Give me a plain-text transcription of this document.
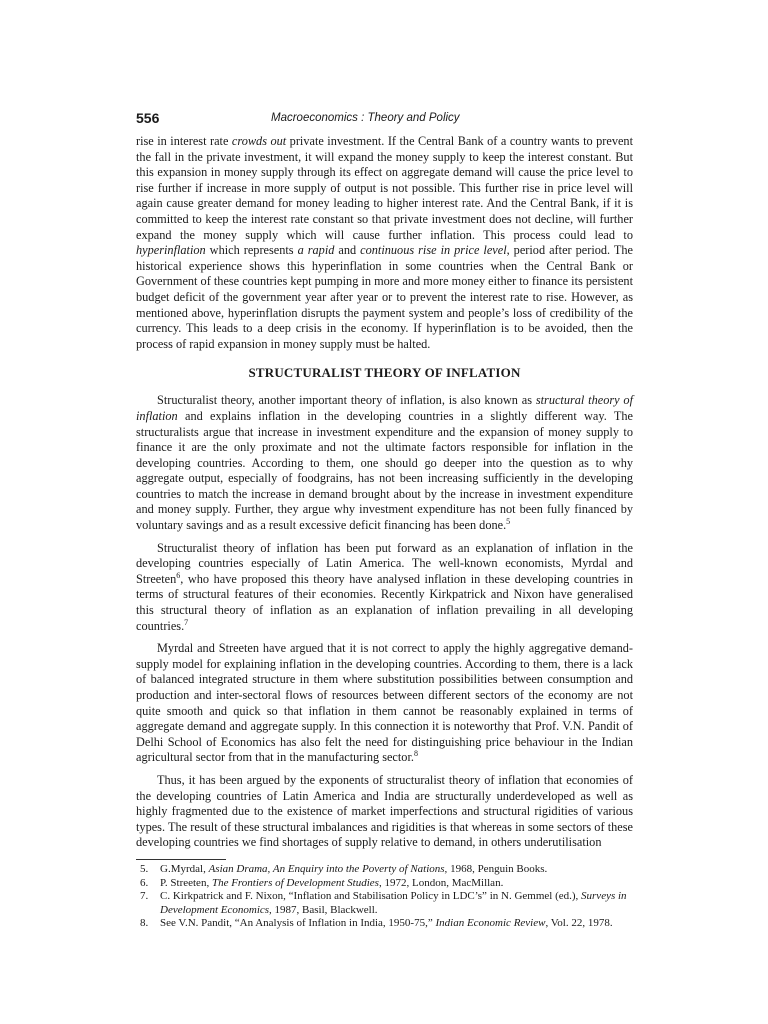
556	Macroeconomics : Theory and Policy

rise in interest rate crowds out private investment. If the Central Bank of a country wants to prevent the fall in the private investment, it will expand the money supply to keep the interest constant. But this expansion in money supply through its effect on aggregate demand will cause the price level to rise further if increase in more supply of output is not possible. This further rise in price level will again cause greater demand for money leading to higher interest rate. And the Central Bank, if it is committed to keep the interest rate constant so that private investment does not decline, will further expand the money supply which will cause further inflation. This process could lead to hyperinflation which represents a rapid and continuous rise in price level, period after period. The historical experience shows this hyperinflation in some countries when the Central Bank or Government of these countries kept pumping in more and more money either to finance its persistent budget deficit of the government year after year or to prevent the interest rate to rise. However, as mentioned above, hyperinflation disrupts the payment system and people’s loss of credibility of the currency. This leads to a deep crisis in the economy. If hyperinflation is to be avoided, then the process of rapid expansion in money supply must be halted.

STRUCTURALIST THEORY OF INFLATION

Structuralist theory, another important theory of inflation, is also known as structural theory of inflation and explains inflation in the developing countries in a slightly different way. The structuralists argue that increase in investment expenditure and the expansion of money supply to finance it are the only proximate and not the ultimate factors responsible for inflation in the developing countries. According to them, one should go deeper into the question as to why aggregate output, especially of foodgrains, has not been increasing sufficiently in the developing countries to match the increase in demand brought about by the increase in investment expenditure and money supply. Further, they argue why investment expenditure has not been fully financed by voluntary savings and as a result excessive deficit financing has been done.$^5$

Structuralist theory of inflation has been put forward as an explanation of inflation in the developing countries especially of Latin America. The well-known economists, Myrdal and Streeten$^6$, who have proposed this theory have analysed inflation in these developing countries in terms of structural features of their economies. Recently Kirkpatrick and Nixon have generalised this structural theory of inflation as an explanation of inflation prevailing in all developing countries.$^7$

Myrdal and Streeten have argued that it is not correct to apply the highly aggregative demand-supply model for explaining inflation in the developing countries. According to them, there is a lack of balanced integrated structure in them where substitution possibilities between consumption and production and inter-sectoral flows of resources between different sectors of the economy are not quite smooth and quick so that inflation in them cannot be reasonably explained in terms of aggregate demand and aggregate supply. In this connection it is noteworthy that Prof. V.N. Pandit of Delhi School of Economics has also felt the need for distinguishing price behaviour in the Indian agricultural sector from that in the manufacturing sector.$^8$

Thus, it has been argued by the exponents of structuralist theory of inflation that economies of the developing countries of Latin America and India are structurally underdeveloped as well as highly fragmented due to the existence of market imperfections and structural rigidities of various types. The result of these structural imbalances and rigidities is that whereas in some sectors of these developing countries we find shortages of supply relative to demand, in others underutilisation

5.	G.Myrdal, Asian Drama, An Enquiry into the Poverty of Nations, 1968, Penguin Books.
6.	P. Streeten, The Frontiers of Development Studies, 1972, London, MacMillan.
7.	C. Kirkpatrick and F. Nixon, “Inflation and Stabilisation Policy in LDC’s” in N. Gemmel (ed.), Surveys in Development Economics, 1987, Basil, Blackwell.
8.	See V.N. Pandit, “An Analysis of Inflation in India, 1950-75,” Indian Economic Review, Vol. 22, 1978.
